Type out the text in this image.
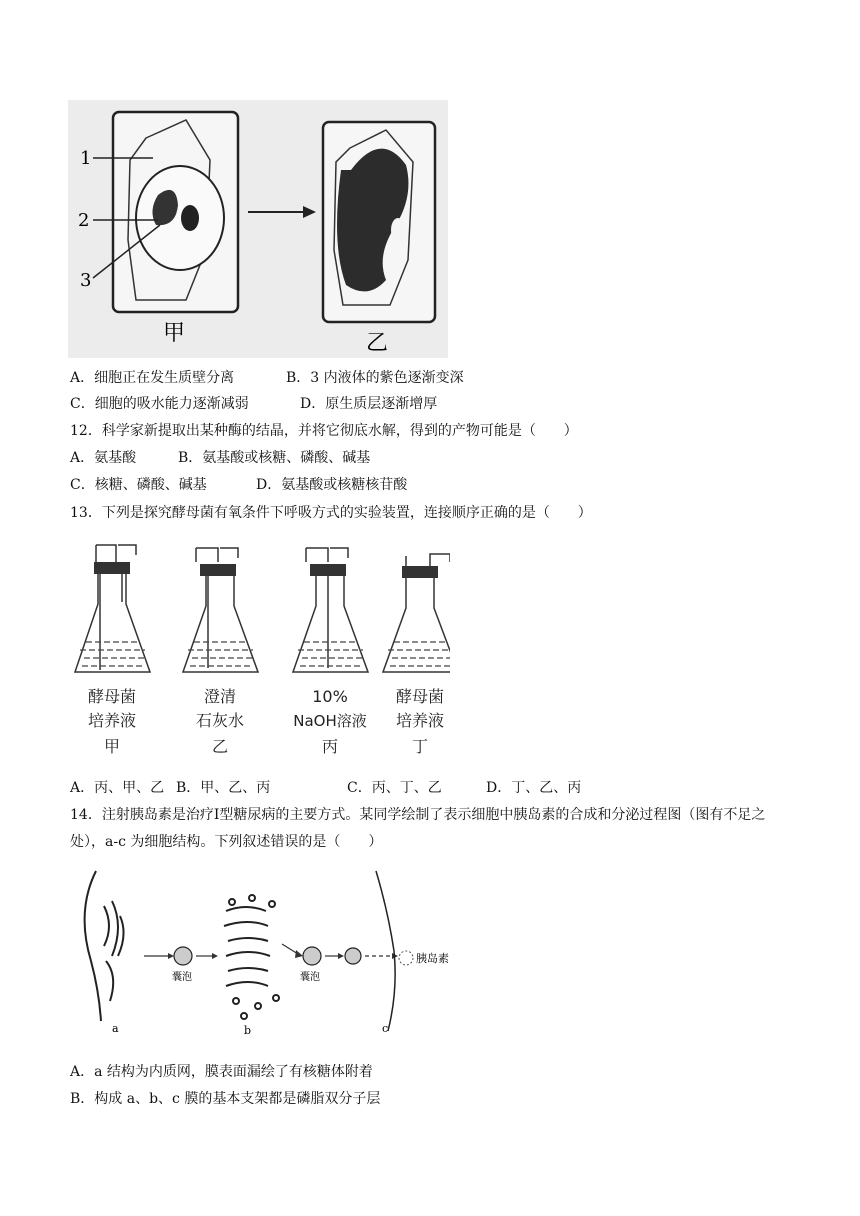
1
2
3
甲	乙
A．细胞正在发生质壁分离	B．3 内液体的紫色逐渐变深
C．细胞的吸水能力逐渐减弱	D．原生质层逐渐增厚
12．科学家新提取出某种酶的结晶，并将它彻底水解，得到的产物可能是（　　）
A．氨基酸	B．氨基酸或核糖、磷酸、碱基
C．核糖、磷酸、碱基	D．氨基酸或核糖核苷酸
13．下列是探究酵母菌有氧条件下呼吸方式的实验装置，连接顺序正确的是（　　）
酵母菌
培养液
甲
澄清
石灰水
乙
10%
NaOH溶液
丙
酵母菌
培养液
丁
A．丙、甲、乙 B．甲、乙、丙	C．丙、丁、乙	D．丁、乙、丙
14．注射胰岛素是治疗Ⅰ型糖尿病的主要方式。某同学绘制了表示细胞中胰岛素的合成和分泌过程图（图有不足之处），a-c 为细胞结构。下列叙述错误的是（　　）
a
囊泡
b
囊泡
胰岛素
c
A．a 结构为内质网，膜表面漏绘了有核糖体附着
B．构成 a、b、c 膜的基本支架都是磷脂双分子层
